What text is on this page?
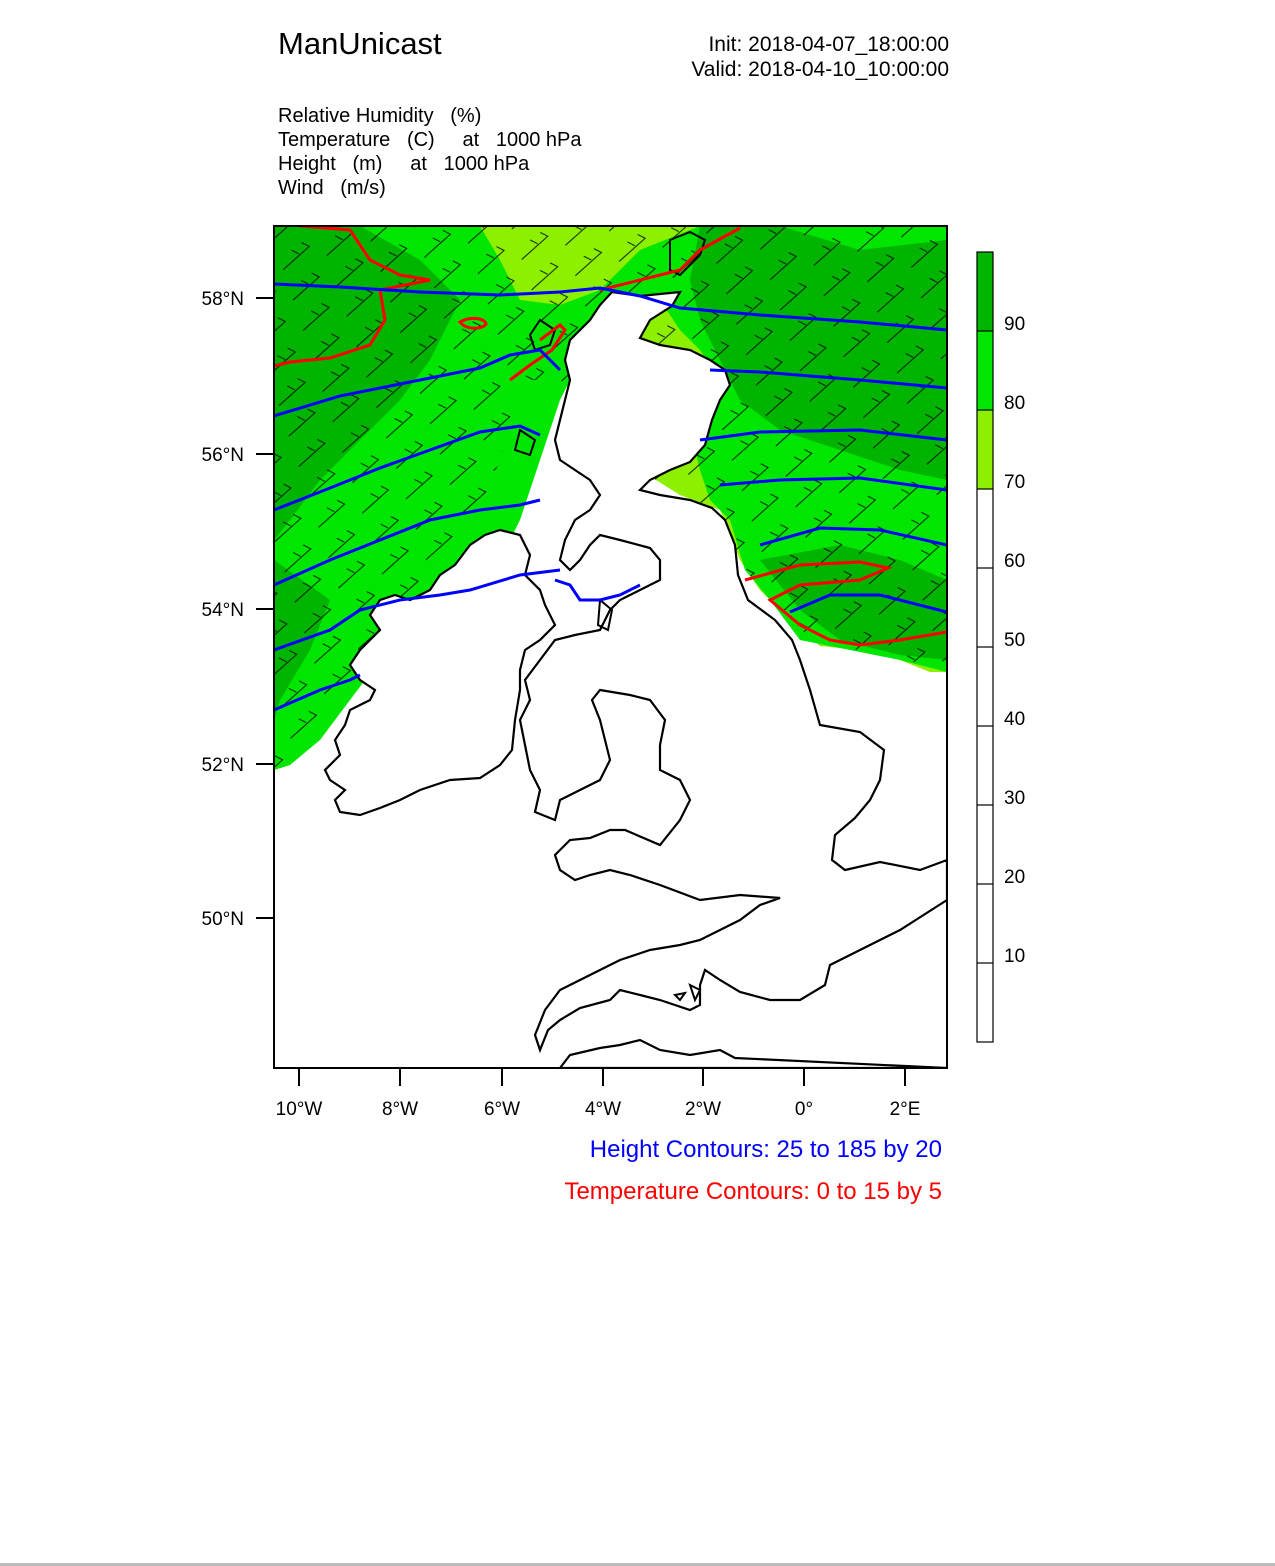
ManUnicast	Init: 2018-04-07_18:00:00
Valid: 2018-04-10_10:00:00
Relative Humidity   (%)
Temperature   (C)     at   1000 hPa
Height   (m)     at   1000 hPa
Wind   (m/s)
58°N
56°N
54°N
52°N
50°N
10°W	8°W	6°W	4°W	2°W	0°	2°E
90
80
70
60
50
40
30
20
10
Height Contours: 25 to 185 by 20
Temperature Contours: 0 to 15 by 5
